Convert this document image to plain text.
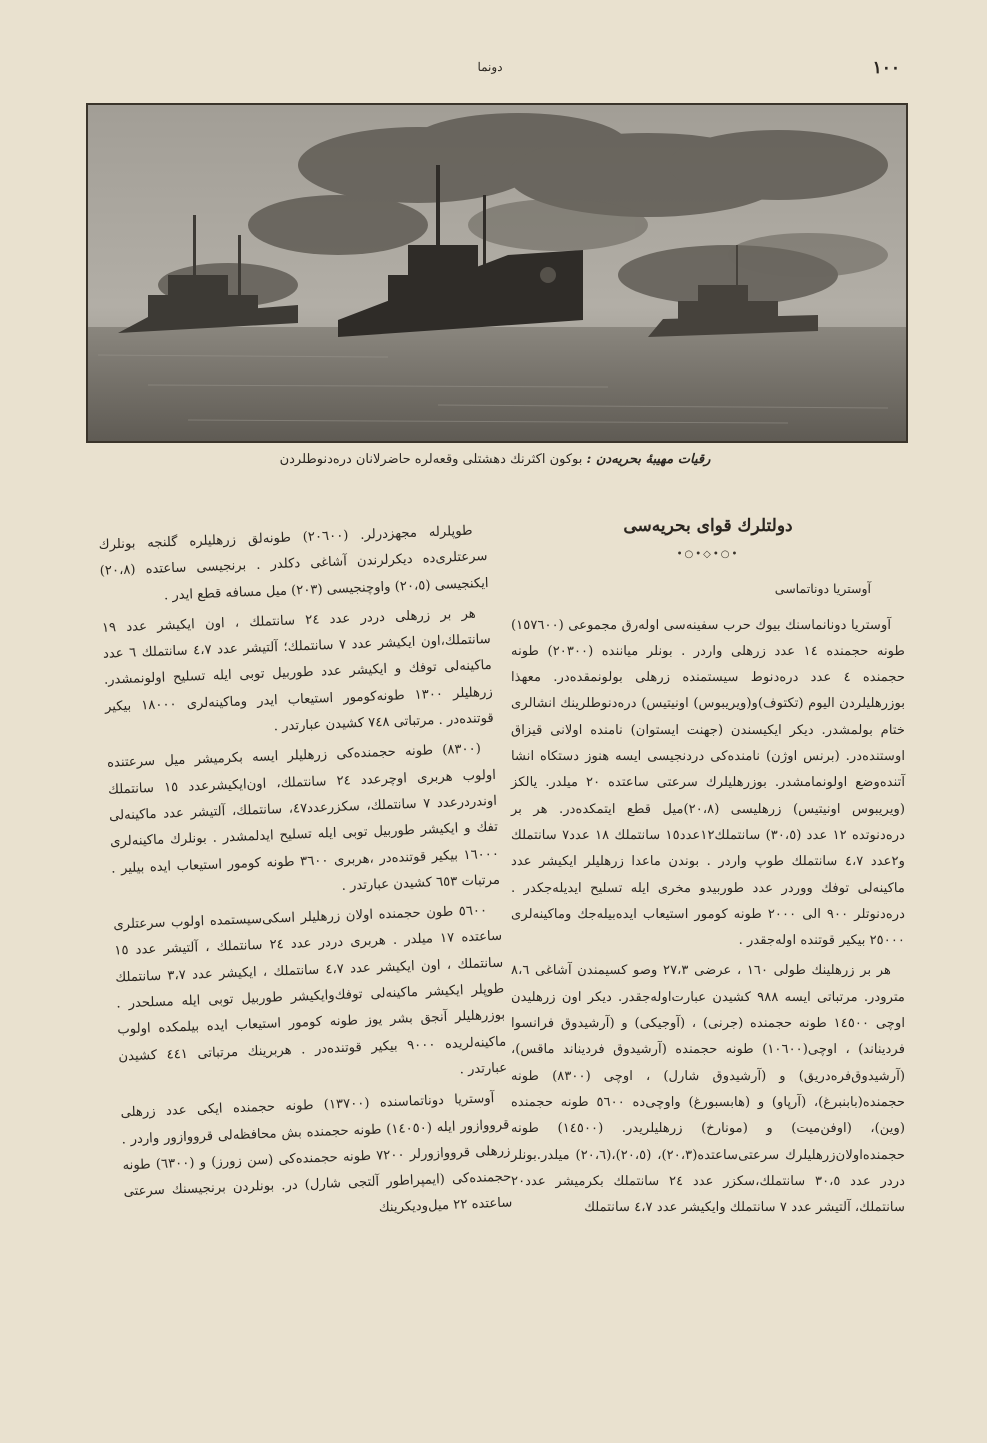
١٠٠
دونما
رقيات مهيبهٔ بحريه‌دن : بوكون اكثرنك دهشتلی وقعه‌لره حاضرلانان دره‌دنوطلردن
دولتلرك قوای بحریه‌سی
•○•◇•○•
آوستریا دوناتماسی

آوستریا دونانماسنك بيوك حرب سفينه‌سی اوله‌رق مجموعی (١٥٧٦٠٠) طونه حجمنده ١٤ عدد زرهلی واردر . بونلر میاننده (٢٠٣٠٠) طونه حجمنده ٤ عدد دره‌دنوط سیستمنده زرهلی بولونمقده‌در. معهذا بوزرهلیلردن الیوم (تكتوف)و(ویریبوس) اونیتیس) دره‌دنوطلرینك انشالری ختام بولمشدر. دیكر ایكیسندن (جهنت ایستوان) نامنده اولانی قیزاق اوستنده‌در. (برنس اوژن) نامنده‌كی دردنجیسی ایسه هنوز دستكاه انشا آتنده‌وضع اولونمامشدر. بوزرهلیلرك سرعتی ساعتده ٢٠ میلدر. یالكز (ویریبوس اونیتیس) زرهلیسی (٢٠،٨)میل قطع ایتمكده‌در. هر بر دره‌دنوتده ١٢ عدد (٣٠،٥) سانتملك١٢عدد١٥ سانتملك ١٨ عدد٧ سانتملك و٢عدد ٤،٧ سانتملك طوپ واردر . بوندن ماعدا زرهلیلر ایكیشر عدد ماكینه‌لی توفك ووردر عدد طوربیدو مخری ایله تسلیح ایدیله‌جكدر . دره‌دنوتلر ٩٠٠ الی ٢٠٠٠ طونه كومور استیعاب ایده‌بیله‌جك وماكینه‌لری ٢٥٠٠٠ بیكیر قوتنده اوله‌جقدر .

هر بر زرهلینك طولی ١٦٠ ، عرضی ٢٧،٣ وصو كسیمندن آشاغی ٨،٦ مترودر. مرتباتی ایسه ٩٨٨ كشیدن عبارت‌اوله‌جقدر. دیكر اون زرهلیدن اوچی ١٤٥٠٠ طونه حجمنده (جرنی) ، (آوجیكی) و (آرشیدوق فرانسوا فردیناند) ، اوچی(١٠٦٠٠) طونه حجمنده (آرشیدوق فردیناند ماقس)،(آرشیدوق‌فره‌دریق) و (آرشیدوق شارل) ، اوچی (٨٣٠٠) طونه حجمنده(بابنبرغ)، (آرپاو) و (هابسبورغ) واوچی‌ده ٥٦٠٠ طونه حجمنده (وین)، (اوفن‌میت) و (مونارخ) زرهلیلریدر. (١٤٥٠٠) طونه حجمنده‌اولان‌زرهلیلرك سرعتی‌ساعتده(٢٠،٣)، (٢٠،٥)،(٢٠،٦) میلدر.بونلر دردر عدد ٣٠،٥ سانتملك،سكزر عدد ٢٤ سانتملك بكرمیشر عدد٢٠ سانتملك، آلتیشر عدد ٧ سانتملك وایكیشر عدد ٤،٧ سانتملك

طوپلرله مجهزدرلر. (٢٠٦٠٠) طونه‌لق زرهلیلره گلنجه بونلرك سرعتلری‌ده دیكرلرندن آشاغی دكلدر . برنجیسی ساعتده (٢٠،٨) ایكنجیسی (٢٠،٥) واوچنجیسی (٢٠٣) میل مسافه قطع ایدر .

هر بر زرهلی دردر عدد ٢٤ سانتملك ، اون ایكیشر عدد ١٩ سانتملك،اون ایكیشر عدد ٧ سانتملك؛ آلتیشر عدد ٤،٧ سانتملك ٦ عدد ماكینه‌لی توفك و ایكیشر عدد طوربیل توبی ایله تسلیح اولونمشدر. زرهلیلر ١٣٠٠ طونه‌كومور استیعاب ایدر وماكینه‌لری ١٨٠٠٠ بیكیر قوتنده‌در . مرتباتی ٧٤٨ كشیدن عبارتدر .

(٨٣٠٠) طونه حجمنده‌كی زرهلیلر ایسه بكرمیشر میل سرعتنده اولوب هربری اوچرعدد ٢٤ سانتملك، اون‌ایكیشرعدد ١٥ سانتملك اوندردرعدد ٧ سانتملك، سكزرعدد٤٧، سانتملك، آلتیشر عدد ماكینه‌لی تفك و ایكیشر طوربیل توبی ایله تسلیح ایدلمشدر . بونلرك ماكینه‌لری ١٦٠٠٠ بیكیر قوتنده‌در ،هربری ٣٦٠٠ طونه كومور استیعاب ایده بیلیر . مرتبات ٦٥٣ كشیدن عبارتدر .

٥٦٠٠ طون حجمنده اولان زرهلیلر اسكی‌سیستمده اولوب سرعتلری ساعتده ١٧ میلدر . هربری دردر عدد ٢٤ سانتملك ، آلتیشر عدد ١٥ سانتملك ، اون ایكیشر عدد ٤،٧ سانتملك ، ایكیشر عدد ٣،٧ سانتملك طوپلر ایكیشر ماكینه‌لی توفك‌وایكیشر طوربیل توبی ایله مسلحدر . بوزرهلیلر آنجق بشر یوز طونه كومور استیعاب ایده بیلمكده اولوب ماكینه‌لریده ٩٠٠٠ بیكیر قوتنده‌در . هربرینك مرتباتی ٤٤١ كشیدن عبارتدر .

آوستریا دوناتماسنده (١٣٧٠٠) طونه حجمنده ایكی عدد زرهلی قرووازور ایله (١٤٠٥٠) طونه حجمنده بش محافظه‌لی قرووازور واردر . زرهلی قرووازورلر ٧٢٠٠ طونه حجمنده‌كی (سن زورز) و (٦٣٠٠) طونه حجمنده‌كی (ایمپراطور آلتجی شارل) در. بونلردن برنجیسنك سرعتی ساعتده ٢٢ میل‌ودیكرینك
